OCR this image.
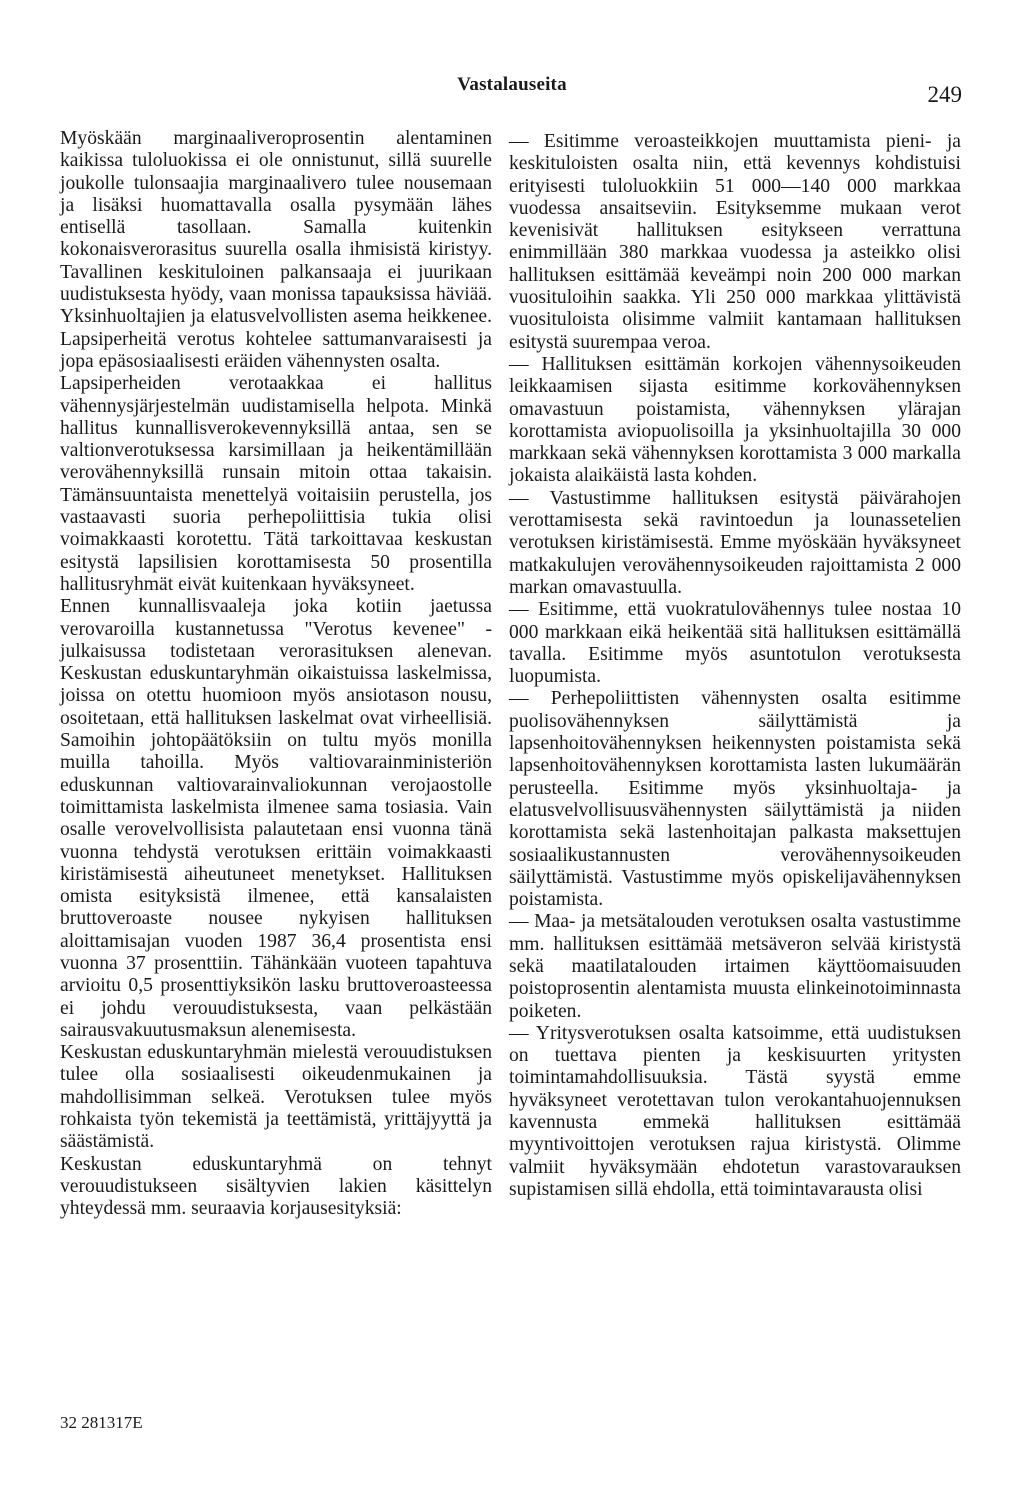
Vastalauseita	249

Myöskään marginaaliveroprosentin alentaminen kaikissa tuloluokissa ei ole onnistunut, sillä suurelle joukolle tulonsaajia marginaalivero tulee nousemaan ja lisäksi huomattavalla osalla pysymään lähes entisellä tasollaan. Samalla kuitenkin kokonaisverorasitus suurella osalla ihmisistä kiristyy. Tavallinen keskituloinen palkansaaja ei juurikaan uudistuksesta hyödy, vaan monissa tapauksissa häviää. Yksinhuoltajien ja elatusvelvollisten asema heikkenee. Lapsiperheitä verotus kohtelee sattumanvaraisesti ja jopa epäsosiaalisesti eräiden vähennysten osalta.

Lapsiperheiden verotaakkaa ei hallitus vähennysjärjestelmän uudistamisella helpota. Minkä hallitus kunnallisverokevennyksillä antaa, sen se valtionverotuksessa karsimillaan ja heikentämillään verovähennyksillä runsain mitoin ottaa takaisin. Tämänsuuntaista menettelyä voitaisiin perustella, jos vastaavasti suoria perhepoliittisia tukia olisi voimakkaasti korotettu. Tätä tarkoittavaa keskustan esitystä lapsilisien korottamisesta 50 prosentilla hallitusryhmät eivät kuitenkaan hyväksyneet.

Ennen kunnallisvaaleja joka kotiin jaetussa verovaroilla kustannetussa "Verotus kevenee" -julkaisussa todistetaan verorasituksen alenevan. Keskustan eduskuntaryhmän oikaistuissa laskelmissa, joissa on otettu huomioon myös ansiotason nousu, osoitetaan, että hallituksen laskelmat ovat virheellisiä. Samoihin johtopäätöksiin on tultu myös monilla muilla tahoilla. Myös valtiovarainministeriön eduskunnan valtiovarainvaliokunnan verojaostolle toimittamista laskelmista ilmenee sama tosiasia. Vain osalle verovelvollisista palautetaan ensi vuonna tänä vuonna tehdystä verotuksen erittäin voimakkaasti kiristämisestä aiheutuneet menetykset. Hallituksen omista esityksistä ilmenee, että kansalaisten bruttoveroaste nousee nykyisen hallituksen aloittamisajan vuoden 1987 36,4 prosentista ensi vuonna 37 prosenttiin. Tähänkään vuoteen tapahtuva arvioitu 0,5 prosenttiyksikön lasku bruttoveroasteessa ei johdu verouudistuksesta, vaan pelkästään sairausvakuutusmaksun alenemisesta.

Keskustan eduskuntaryhmän mielestä verouudistuksen tulee olla sosiaalisesti oikeudenmukainen ja mahdollisimman selkeä. Verotuksen tulee myös rohkaista työn tekemistä ja teettämistä, yrittäjyyttä ja säästämistä.

Keskustan eduskuntaryhmä on tehnyt verouudistukseen sisältyvien lakien käsittelyn yhteydessä mm. seuraavia korjausesityksiä:

— Esitimme veroasteikkojen muuttamista pieni- ja keskituloisten osalta niin, että kevennys kohdistuisi erityisesti tuloluokkiin 51 000—140 000 markkaa vuodessa ansaitseviin. Esityksemme mukaan verot kevenisivät hallituksen esitykseen verrattuna enimmillään 380 markkaa vuodessa ja asteikko olisi hallituksen esittämää keveämpi noin 200 000 markan vuosituloihin saakka. Yli 250 000 markkaa ylittävistä vuosituloista olisimme valmiit kantamaan hallituksen esitystä suurempaa veroa.

— Hallituksen esittämän korkojen vähennysoikeuden leikkaamisen sijasta esitimme korkovähennyksen omavastuun poistamista, vähennyksen ylärajan korottamista aviopuolisoilla ja yksinhuoltajilla 30 000 markkaan sekä vähennyksen korottamista 3 000 markalla jokaista alaikäistä lasta kohden.

— Vastustimme hallituksen esitystä päivärahojen verottamisesta sekä ravintoedun ja lounassetelien verotuksen kiristämisestä. Emme myöskään hyväksyneet matkakulujen verovähennysoikeuden rajoittamista 2 000 markan omavastuulla.

— Esitimme, että vuokratulovähennys tulee nostaa 10 000 markkaan eikä heikentää sitä hallituksen esittämällä tavalla. Esitimme myös asuntotulon verotuksesta luopumista.

— Perhepoliittisten vähennysten osalta esitimme puolisovähennyksen säilyttämistä ja lapsenhoitovähennyksen heikennysten poistamista sekä lapsenhoitovähennyksen korottamista lasten lukumäärän perusteella. Esitimme myös yksinhuoltaja- ja elatusvelvollisuusvähennysten säilyttämistä ja niiden korottamista sekä lastenhoitajan palkasta maksettujen sosiaalikustannusten verovähennysoikeuden säilyttämistä. Vastustimme myös opiskelijavähennyksen poistamista.

— Maa- ja metsätalouden verotuksen osalta vastustimme mm. hallituksen esittämää metsäveron selvää kiristystä sekä maatilatalouden irtaimen käyttöomaisuuden poistoprosentin alentamista muusta elinkeinotoiminnasta poiketen.

— Yritysverotuksen osalta katsoimme, että uudistuksen on tuettava pienten ja keskisuurten yritysten toimintamahdollisuuksia. Tästä syystä emme hyväksyneet verotettavan tulon verokantahuojennuksen kavennusta emmekä hallituksen esittämää myyntivoittojen verotuksen rajua kiristystä. Olimme valmiit hyväksymään ehdotetun varastovarauksen supistamisen sillä ehdolla, että toimintavarausta olisi

32 281317E
